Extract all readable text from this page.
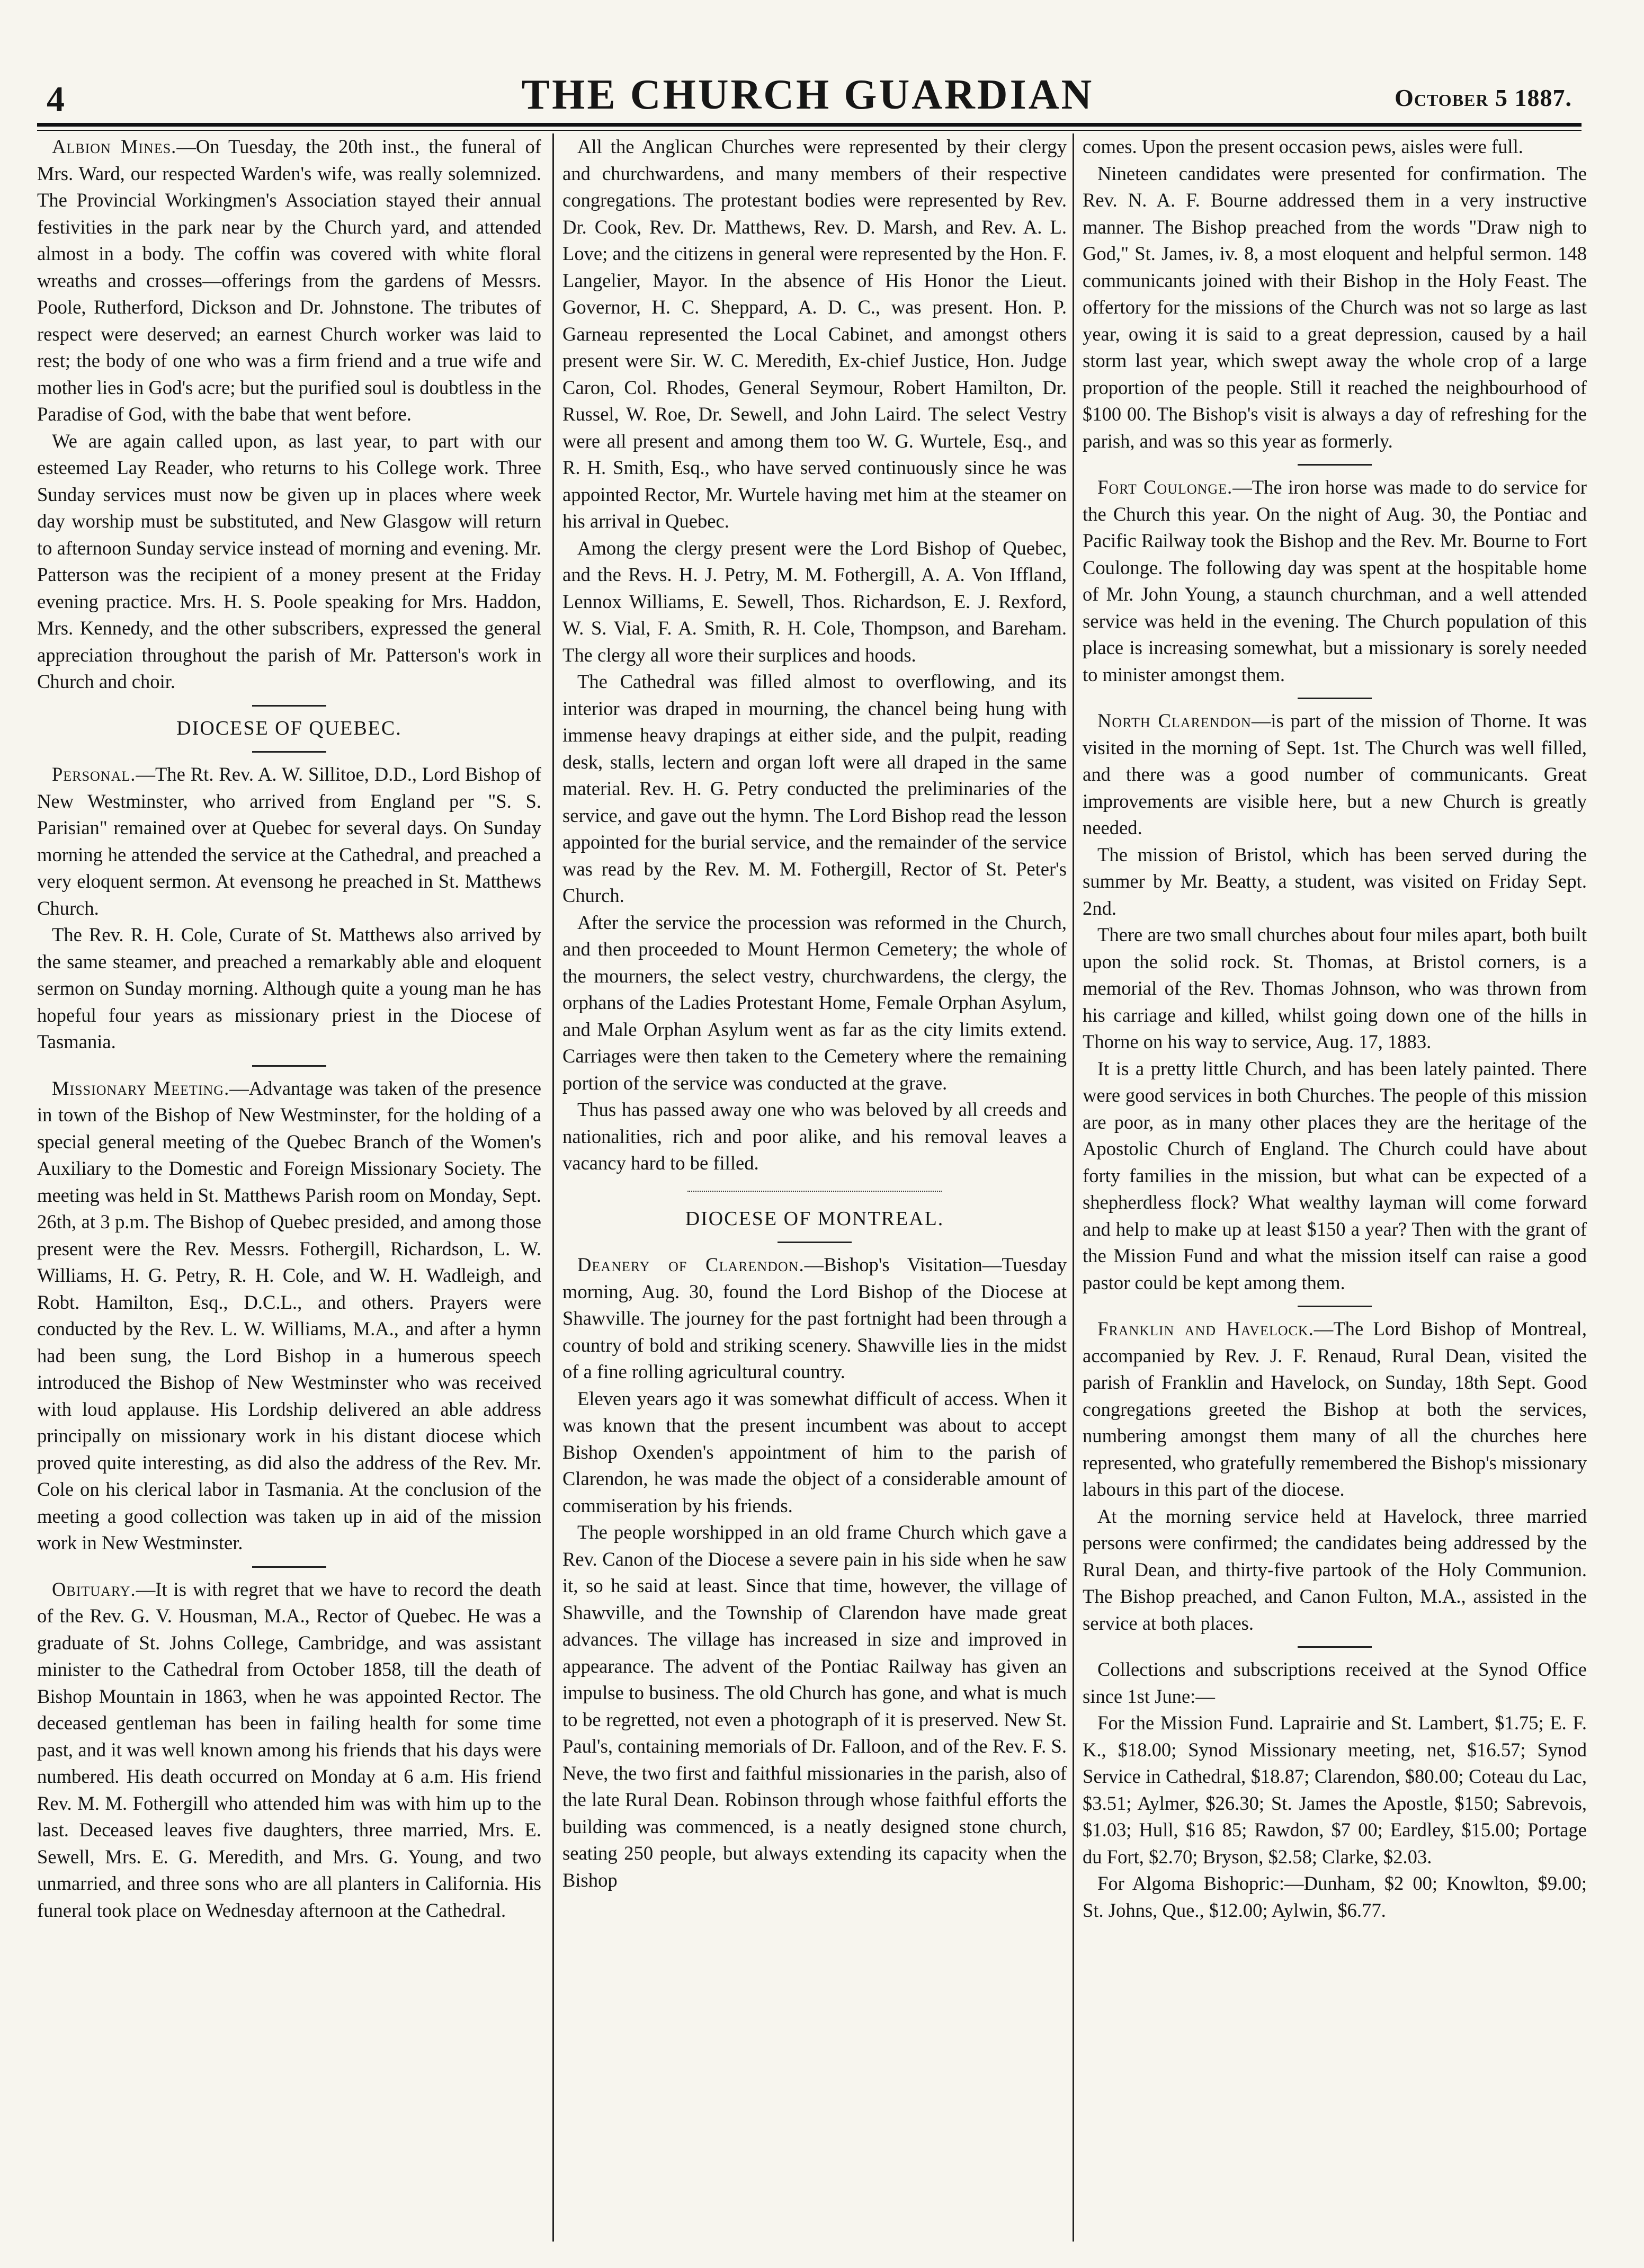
4	THE CHURCH GUARDIAN	October 5 1887.

Albion Mines.—On Tuesday, the 20th inst., the funeral of Mrs. Ward, our respected Warden's wife, was really solemnized. The Provincial Workingmen's Association stayed their annual festivities in the park near by the Church yard, and attended almost in a body. The coffin was covered with white floral wreaths and crosses—offerings from the gardens of Messrs. Poole, Rutherford, Dickson and Dr. Johnstone. The tributes of respect were deserved; an earnest Church worker was laid to rest; the body of one who was a firm friend and a true wife and mother lies in God's acre; but the purified soul is doubtless in the Paradise of God, with the babe that went before.

We are again called upon, as last year, to part with our esteemed Lay Reader, who returns to his College work. Three Sunday services must now be given up in places where week day worship must be substituted, and New Glasgow will return to afternoon Sunday service instead of morning and evening. Mr. Patterson was the recipient of a money present at the Friday evening practice. Mrs. H. S. Poole speaking for Mrs. Haddon, Mrs. Kennedy, and the other subscribers, expressed the general appreciation throughout the parish of Mr. Patterson's work in Church and choir.

DIOCESE OF QUEBEC.

Personal.—The Rt. Rev. A. W. Sillitoe, D.D., Lord Bishop of New Westminster, who arrived from England per "S. S. Parisian" remained over at Quebec for several days. On Sunday morning he attended the service at the Cathedral, and preached a very eloquent sermon. At evensong he preached in St. Matthews Church.

The Rev. R. H. Cole, Curate of St. Matthews also arrived by the same steamer, and preached a remarkably able and eloquent sermon on Sunday morning. Although quite a young man he has hopeful four years as missionary priest in the Diocese of Tasmania.

Missionary Meeting.—Advantage was taken of the presence in town of the Bishop of New Westminster, for the holding of a special general meeting of the Quebec Branch of the Women's Auxiliary to the Domestic and Foreign Missionary Society. The meeting was held in St. Matthews Parish room on Monday, Sept. 26th, at 3 p.m. The Bishop of Quebec presided, and among those present were the Rev. Messrs. Fothergill, Richardson, L. W. Williams, H. G. Petry, R. H. Cole, and W. H. Wadleigh, and Robt. Hamilton, Esq., D.C.L., and others. Prayers were conducted by the Rev. L. W. Williams, M.A., and after a hymn had been sung, the Lord Bishop in a humerous speech introduced the Bishop of New Westminster who was received with loud applause. His Lordship delivered an able address principally on missionary work in his distant diocese which proved quite interesting, as did also the address of the Rev. Mr. Cole on his clerical labor in Tasmania. At the conclusion of the meeting a good collection was taken up in aid of the mission work in New Westminster.

Obituary.—It is with regret that we have to record the death of the Rev. G. V. Housman, M.A., Rector of Quebec. He was a graduate of St. Johns College, Cambridge, and was assistant minister to the Cathedral from October 1858, till the death of Bishop Mountain in 1863, when he was appointed Rector. The deceased gentleman has been in failing health for some time past, and it was well known among his friends that his days were numbered. His death occurred on Monday at 6 a.m. His friend Rev. M. M. Fothergill who attended him was with him up to the last. Deceased leaves five daughters, three married, Mrs. E. Sewell, Mrs. E. G. Meredith, and Mrs. G. Young, and two unmarried, and three sons who are all planters in California. His funeral took place on Wednesday afternoon at the Cathedral.

All the Anglican Churches were represented by their clergy and churchwardens, and many members of their respective congregations. The protestant bodies were represented by Rev. Dr. Cook, Rev. Dr. Matthews, Rev. D. Marsh, and Rev. A. L. Love; and the citizens in general were represented by the Hon. F. Langelier, Mayor. In the absence of His Honor the Lieut. Governor, H. C. Sheppard, A. D. C., was present. Hon. P. Garneau represented the Local Cabinet, and amongst others present were Sir. W. C. Meredith, Ex-chief Justice, Hon. Judge Caron, Col. Rhodes, General Seymour, Robert Hamilton, Dr. Russel, W. Roe, Dr. Sewell, and John Laird. The select Vestry were all present and among them too W. G. Wurtele, Esq., and R. H. Smith, Esq., who have served continuously since he was appointed Rector, Mr. Wurtele having met him at the steamer on his arrival in Quebec.

Among the clergy present were the Lord Bishop of Quebec, and the Revs. H. J. Petry, M. M. Fothergill, A. A. Von Iffland, Lennox Williams, E. Sewell, Thos. Richardson, E. J. Rexford, W. S. Vial, F. A. Smith, R. H. Cole, Thompson, and Bareham. The clergy all wore their surplices and hoods.

The Cathedral was filled almost to overflowing, and its interior was draped in mourning, the chancel being hung with immense heavy drapings at either side, and the pulpit, reading desk, stalls, lectern and organ loft were all draped in the same material. Rev. H. G. Petry conducted the preliminaries of the service, and gave out the hymn. The Lord Bishop read the lesson appointed for the burial service, and the remainder of the service was read by the Rev. M. M. Fothergill, Rector of St. Peter's Church.

After the service the procession was reformed in the Church, and then proceeded to Mount Hermon Cemetery; the whole of the mourners, the select vestry, churchwardens, the clergy, the orphans of the Ladies Protestant Home, Female Orphan Asylum, and Male Orphan Asylum went as far as the city limits extend. Carriages were then taken to the Cemetery where the remaining portion of the service was conducted at the grave.

Thus has passed away one who was beloved by all creeds and nationalities, rich and poor alike, and his removal leaves a vacancy hard to be filled.

DIOCESE OF MONTREAL.

Deanery of Clarendon.—Bishop's Visitation—Tuesday morning, Aug. 30, found the Lord Bishop of the Diocese at Shawville. The journey for the past fortnight had been through a country of bold and striking scenery. Shawville lies in the midst of a fine rolling agricultural country.

Eleven years ago it was somewhat difficult of access. When it was known that the present incumbent was about to accept Bishop Oxenden's appointment of him to the parish of Clarendon, he was made the object of a considerable amount of commiseration by his friends.

The people worshipped in an old frame Church which gave a Rev. Canon of the Diocese a severe pain in his side when he saw it, so he said at least. Since that time, however, the village of Shawville, and the Township of Clarendon have made great advances. The village has increased in size and improved in appearance. The advent of the Pontiac Railway has given an impulse to business. The old Church has gone, and what is much to be regretted, not even a photograph of it is preserved. New St. Paul's, containing memorials of Dr. Falloon, and of the Rev. F. S. Neve, the two first and faithful missionaries in the parish, also of the late Rural Dean. Robinson through whose faithful efforts the building was commenced, is a neatly designed stone church, seating 250 people, but always extending its capacity when the Bishop

comes. Upon the present occasion pews, aisles were full.

Nineteen candidates were presented for confirmation. The Rev. N. A. F. Bourne addressed them in a very instructive manner. The Bishop preached from the words "Draw nigh to God," St. James, iv. 8, a most eloquent and helpful sermon. 148 communicants joined with their Bishop in the Holy Feast. The offertory for the missions of the Church was not so large as last year, owing it is said to a great depression, caused by a hail storm last year, which swept away the whole crop of a large proportion of the people. Still it reached the neighbourhood of $100 00. The Bishop's visit is always a day of refreshing for the parish, and was so this year as formerly.

Fort Coulonge.—The iron horse was made to do service for the Church this year. On the night of Aug. 30, the Pontiac and Pacific Railway took the Bishop and the Rev. Mr. Bourne to Fort Coulonge. The following day was spent at the hospitable home of Mr. John Young, a staunch churchman, and a well attended service was held in the evening. The Church population of this place is increasing somewhat, but a missionary is sorely needed to minister amongst them.

North Clarendon—is part of the mission of Thorne. It was visited in the morning of Sept. 1st. The Church was well filled, and there was a good number of communicants. Great improvements are visible here, but a new Church is greatly needed.

The mission of Bristol, which has been served during the summer by Mr. Beatty, a student, was visited on Friday Sept. 2nd.

There are two small churches about four miles apart, both built upon the solid rock. St. Thomas, at Bristol corners, is a memorial of the Rev. Thomas Johnson, who was thrown from his carriage and killed, whilst going down one of the hills in Thorne on his way to service, Aug. 17, 1883.

It is a pretty little Church, and has been lately painted. There were good services in both Churches. The people of this mission are poor, as in many other places they are the heritage of the Apostolic Church of England. The Church could have about forty families in the mission, but what can be expected of a shepherdless flock? What wealthy layman will come forward and help to make up at least $150 a year? Then with the grant of the Mission Fund and what the mission itself can raise a good pastor could be kept among them.

Franklin and Havelock.—The Lord Bishop of Montreal, accompanied by Rev. J. F. Renaud, Rural Dean, visited the parish of Franklin and Havelock, on Sunday, 18th Sept. Good congregations greeted the Bishop at both the services, numbering amongst them many of all the churches here represented, who gratefully remembered the Bishop's missionary labours in this part of the diocese.

At the morning service held at Havelock, three married persons were confirmed; the candidates being addressed by the Rural Dean, and thirty-five partook of the Holy Communion. The Bishop preached, and Canon Fulton, M.A., assisted in the service at both places.

Collections and subscriptions received at the Synod Office since 1st June:—

For the Mission Fund. Laprairie and St. Lambert, $1.75; E. F. K., $18.00; Synod Missionary meeting, net, $16.57; Synod Service in Cathedral, $18.87; Clarendon, $80.00; Coteau du Lac, $3.51; Aylmer, $26.30; St. James the Apostle, $150; Sabrevois, $1.03; Hull, $16 85; Rawdon, $7 00; Eardley, $15.00; Portage du Fort, $2.70; Bryson, $2.58; Clarke, $2.03.

For Algoma Bishopric:—Dunham, $2 00; Knowlton, $9.00; St. Johns, Que., $12.00; Aylwin, $6.77.
